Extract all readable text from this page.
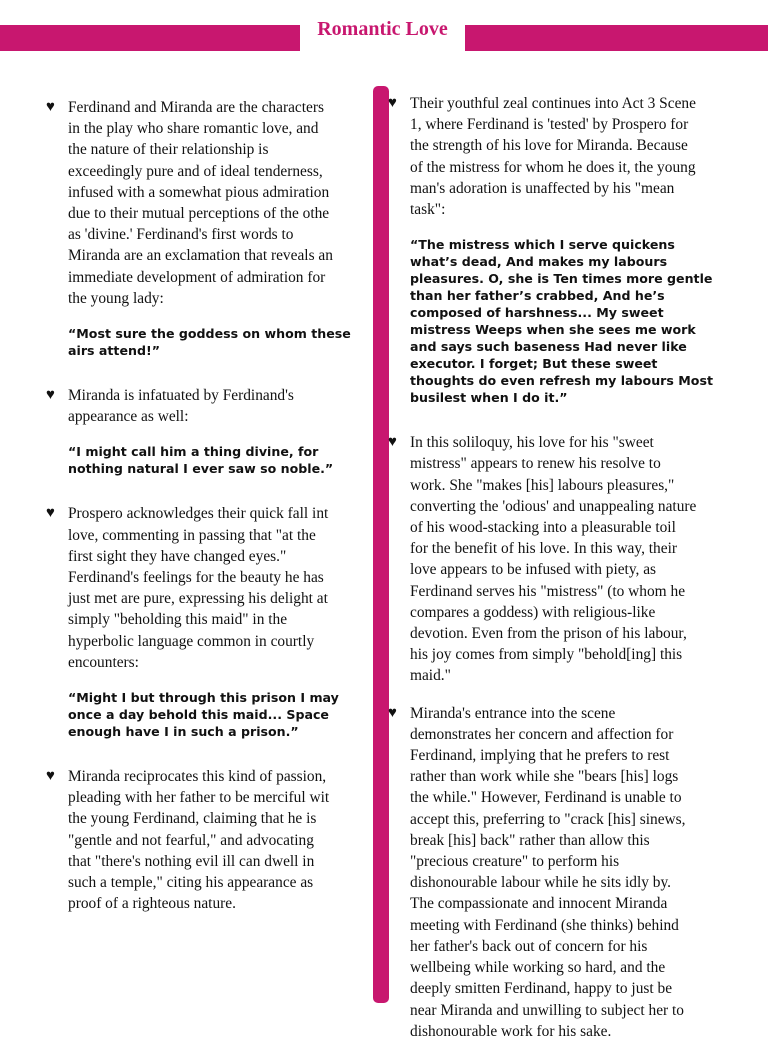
Romantic Love
♥ Ferdinand and Miranda are the characters
in the play who share romantic love, and
the nature of their relationship is
exceedingly pure and of ideal tenderness,
infused with a somewhat pious admiration
due to their mutual perceptions of the othe
as 'divine.' Ferdinand's first words to
Miranda are an exclamation that reveals an
immediate development of admiration for
the young lady:
“Most sure the goddess on whom these
airs attend!”
♥ Miranda is infatuated by Ferdinand's
appearance as well:
“I might call him a thing divine, for
nothing natural I ever saw so noble.”
♥ Prospero acknowledges their quick fall int
love, commenting in passing that "at the
first sight they have changed eyes."
Ferdinand's feelings for the beauty he has
just met are pure, expressing his delight at
simply "beholding this maid" in the
hyperbolic language common in courtly
encounters:
“Might I but through this prison I may
once a day behold this maid... Space
enough have I in such a prison.”
♥ Miranda reciprocates this kind of passion,
pleading with her father to be merciful wit
the young Ferdinand, claiming that he is
"gentle and not fearful," and advocating
that "there's nothing evil ill can dwell in
such a temple," citing his appearance as
proof of a righteous nature.
♥ Their youthful zeal continues into Act 3 Scene
1, where Ferdinand is 'tested' by Prospero for
the strength of his love for Miranda. Because
of the mistress for whom he does it, the young
man's adoration is unaffected by his "mean
task":
“The mistress which I serve quickens
what’s dead, And makes my labours
pleasures. O, she is Ten times more gentle
than her father’s crabbed, And he’s
composed of harshness... My sweet
mistress Weeps when she sees me work
and says such baseness Had never like
executor. I forget; But these sweet
thoughts do even refresh my labours Most
busilest when I do it.”
♥ In this soliloquy, his love for his "sweet
mistress" appears to renew his resolve to
work. She "makes [his] labours pleasures,"
converting the 'odious' and unappealing nature
of his wood-stacking into a pleasurable toil
for the benefit of his love. In this way, their
love appears to be infused with piety, as
Ferdinand serves his "mistress" (to whom he
compares a goddess) with religious-like
devotion. Even from the prison of his labour,
his joy comes from simply "behold[ing] this
maid."
♥ Miranda's entrance into the scene
demonstrates her concern and affection for
Ferdinand, implying that he prefers to rest
rather than work while she "bears [his] logs
the while." However, Ferdinand is unable to
accept this, preferring to "crack [his] sinews,
break [his] back" rather than allow this
"precious creature" to perform his
dishonourable labour while he sits idly by.
The compassionate and innocent Miranda
meeting with Ferdinand (she thinks) behind
her father's back out of concern for his
wellbeing while working so hard, and the
deeply smitten Ferdinand, happy to just be
near Miranda and unwilling to subject her to
dishonourable work for his sake.
